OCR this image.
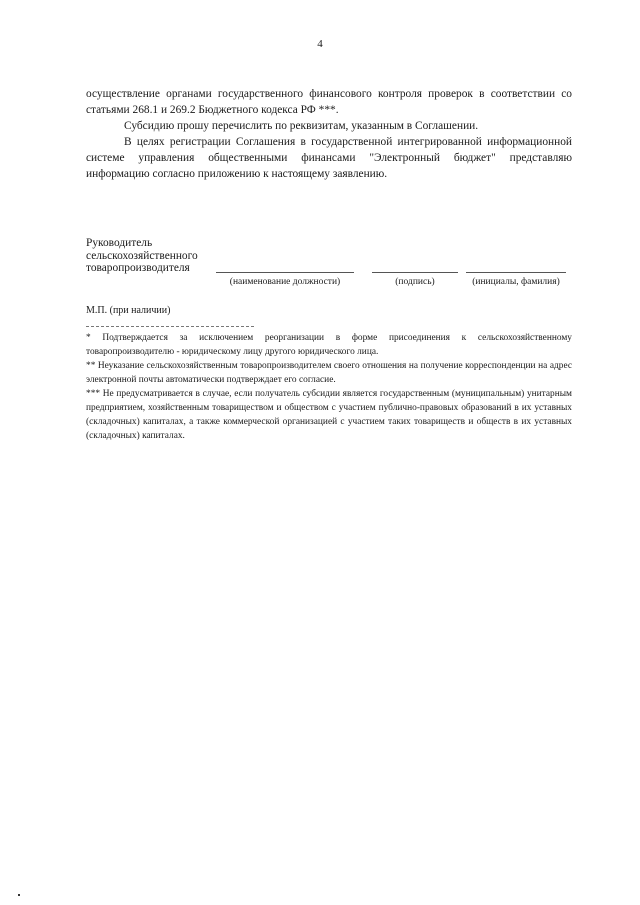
4

осуществление органами государственного финансового контроля проверок в соответствии со статьями 268.1 и 269.2 Бюджетного кодекса РФ ***.

Субсидию прошу перечислить по реквизитам, указанным в Соглашении.

В целях регистрации Соглашения в государственной интегрированной информационной системе управления общественными финансами "Электронный бюджет" представляю информацию согласно приложению к настоящему заявлению.

Руководитель
сельскохозяйственного
товаропроизводителя
(наименование должности)	(подпись)	(инициалы, фамилия)
М.П. (при наличии)

* Подтверждается за исключением реорганизации в форме присоединения к сельскохозяйственному товаропроизводителю - юридическому лицу другого юридического лица.

** Неуказание сельскохозяйственным товаропроизводителем своего отношения на получение корреспонденции на адрес электронной почты автоматически подтверждает его согласие.

*** Не предусматривается в случае, если получатель субсидии является государственным (муниципальным) унитарным предприятием, хозяйственным товариществом и обществом с участием публично-правовых образований в их уставных (складочных) капиталах, а также коммерческой организацией с участием таких товариществ и обществ в их уставных (складочных) капиталах.
